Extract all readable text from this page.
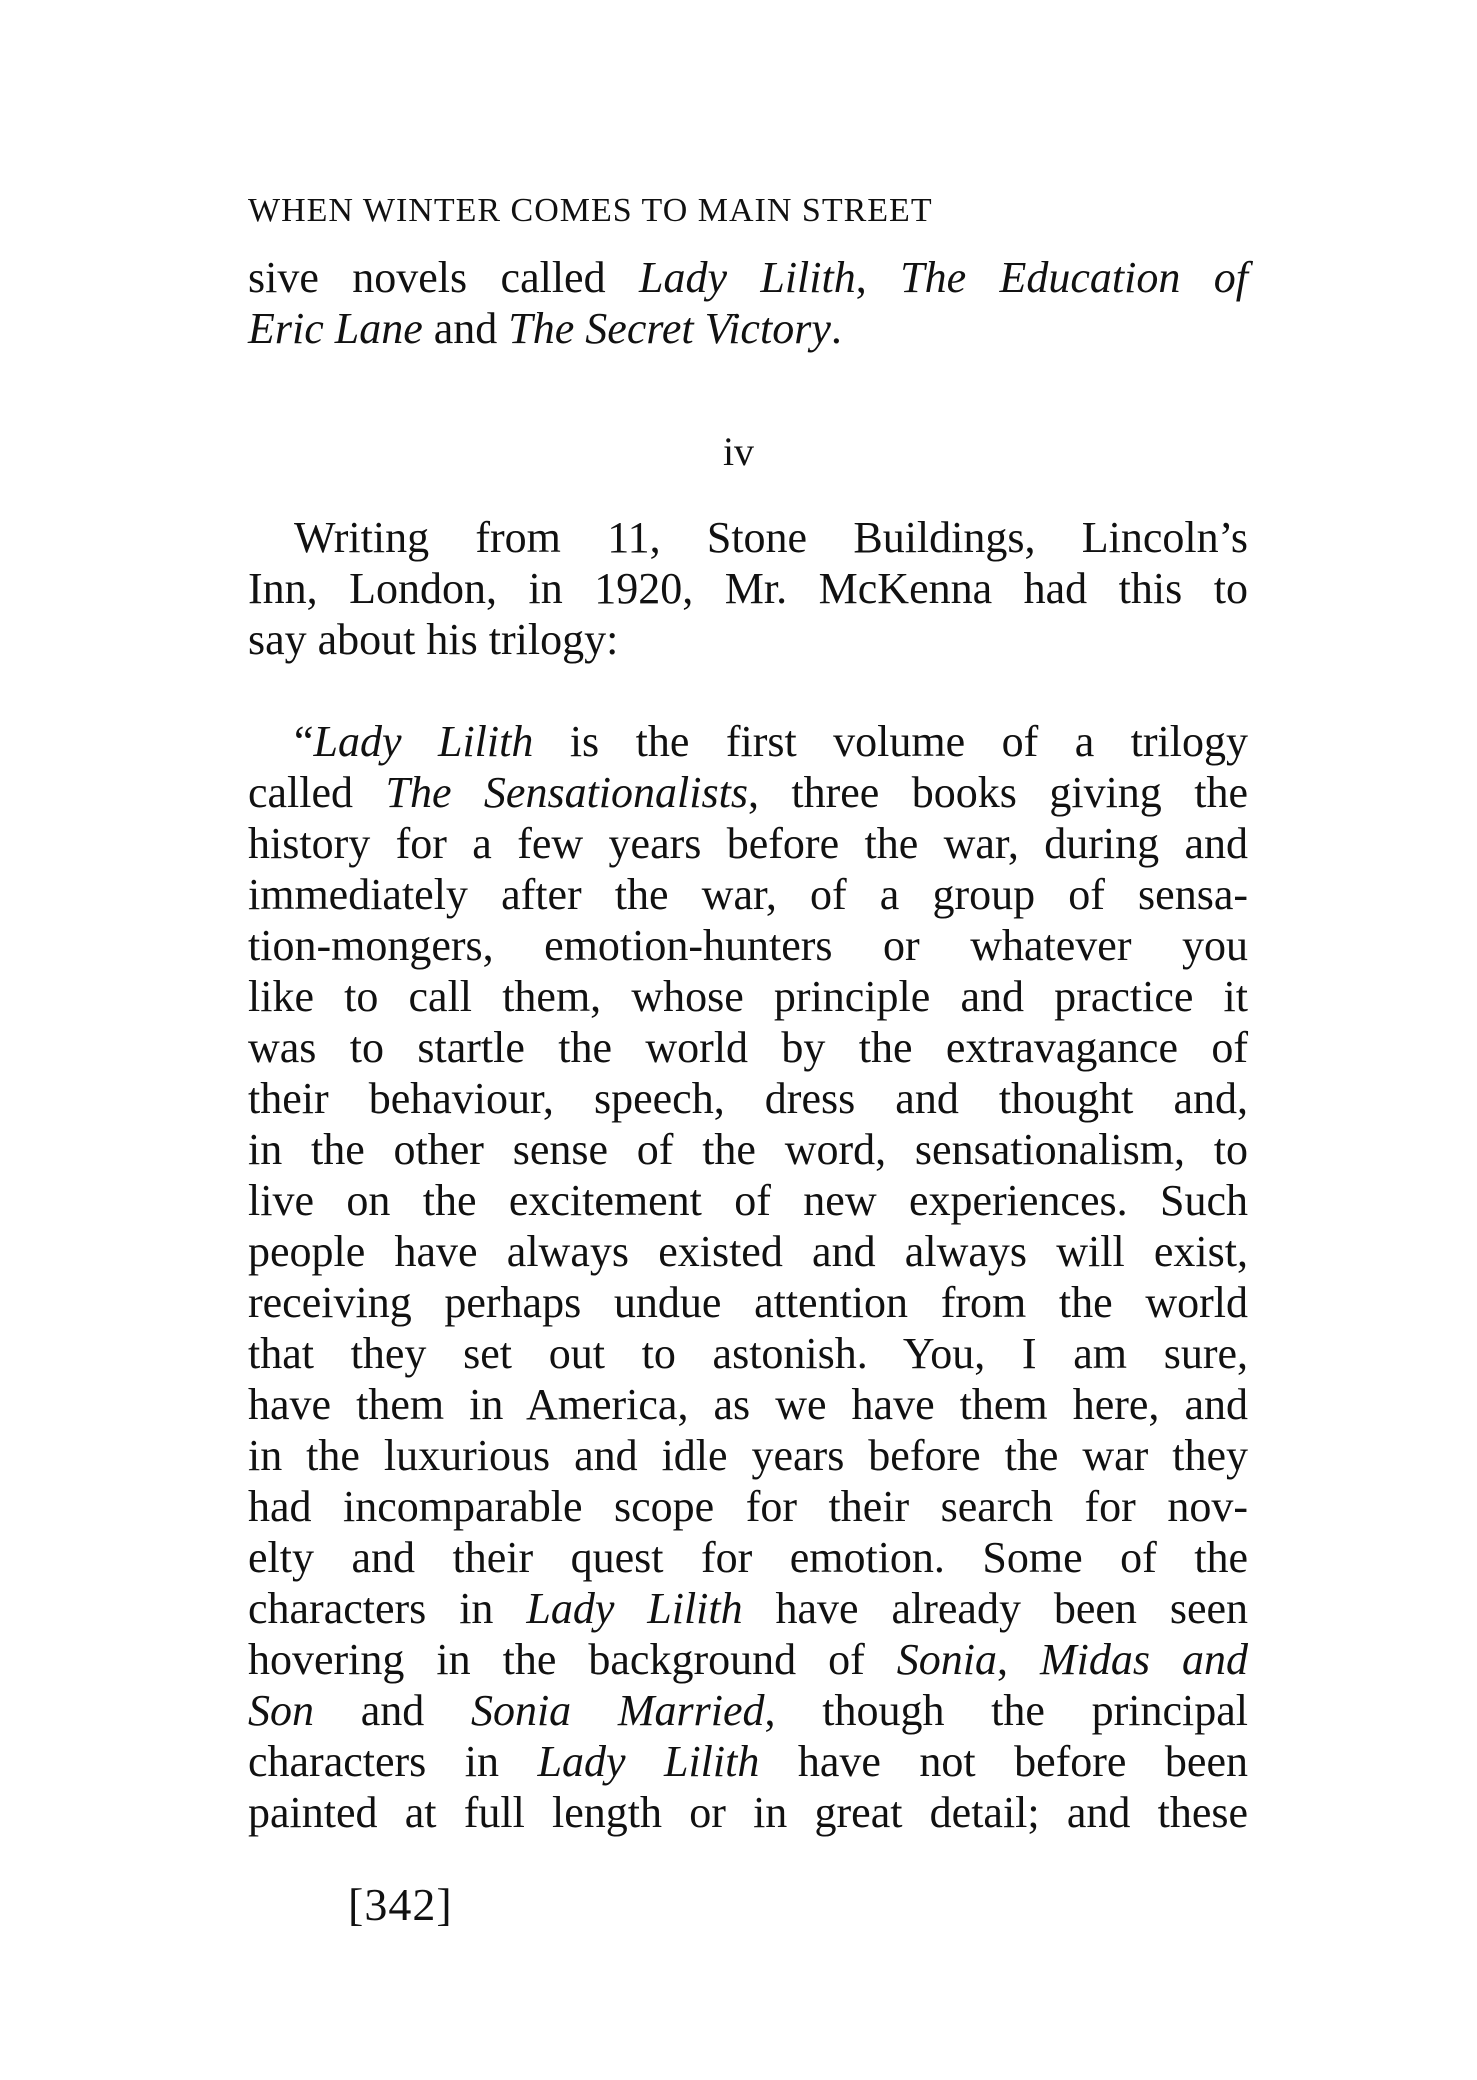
WHEN WINTER COMES TO MAIN STREET
sive novels called Lady Lilith, The Education of
Eric Lane and The Secret Victory.
iv
Writing from 11, Stone Buildings, Lincoln’s
Inn, London, in 1920, Mr. McKenna had this to
say about his trilogy:
“Lady Lilith is the first volume of a trilogy
called The Sensationalists, three books giving the
history for a few years before the war, during and
immediately after the war, of a group of sensa-
tion-mongers, emotion-hunters or whatever you
like to call them, whose principle and practice it
was to startle the world by the extravagance of
their behaviour, speech, dress and thought and,
in the other sense of the word, sensationalism, to
live on the excitement of new experiences. Such
people have always existed and always will exist,
receiving perhaps undue attention from the world
that they set out to astonish. You, I am sure,
have them in America, as we have them here, and
in the luxurious and idle years before the war they
had incomparable scope for their search for nov-
elty and their quest for emotion. Some of the
characters in Lady Lilith have already been seen
hovering in the background of Sonia, Midas and
Son and Sonia Married, though the principal
characters in Lady Lilith have not before been
painted at full length or in great detail; and these
[342]
